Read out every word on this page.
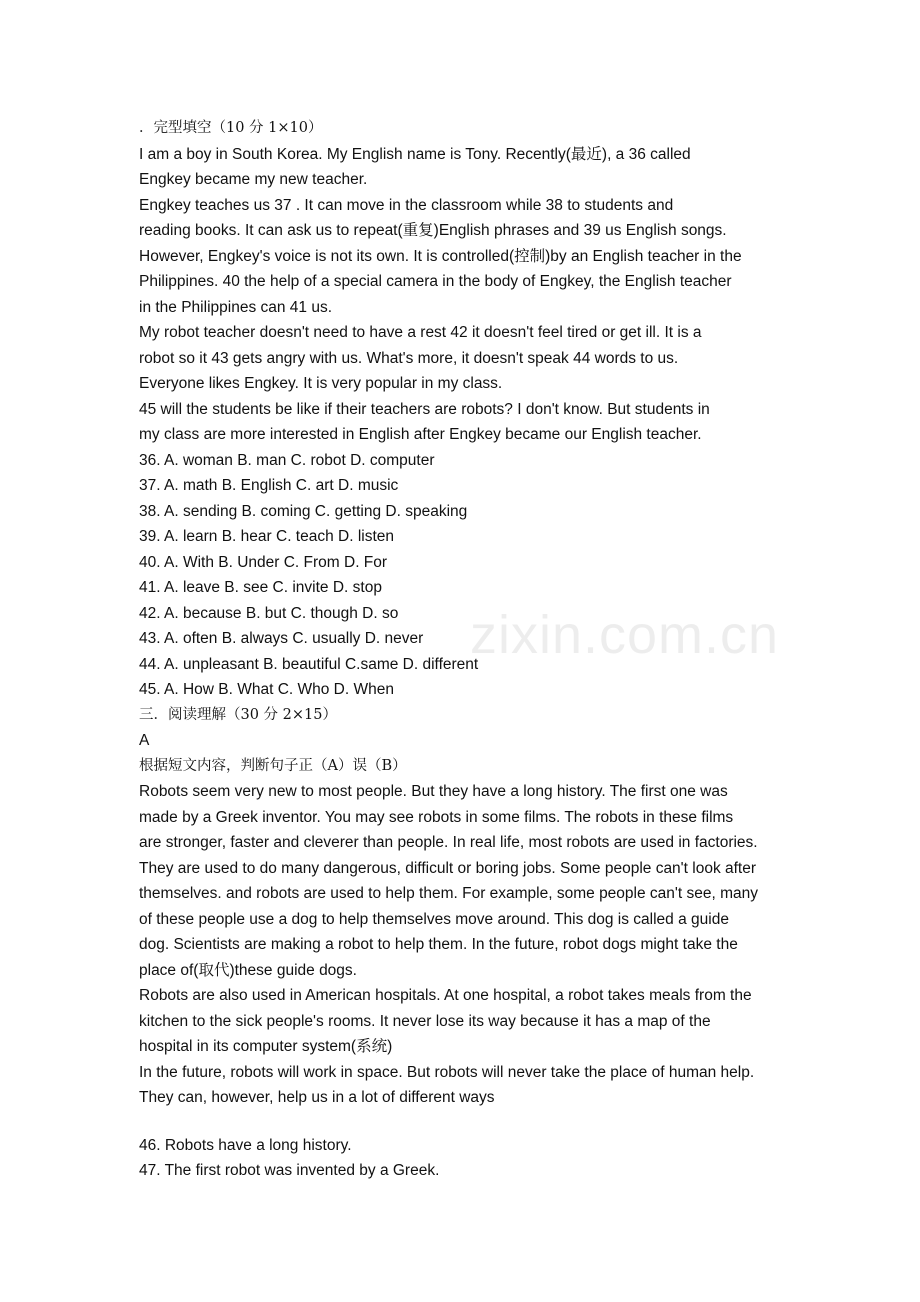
．完型填空（10 分 1×10）
I am a boy in South Korea. My English name is Tony. Recently(最近), a 36 called
Engkey became my new teacher.
Engkey teaches us 37 . It can move in the classroom while 38 to students and
reading books. It can ask us to repeat(重复)English phrases and 39 us English songs.
However, Engkey's voice is not its own. It is controlled(控制)by an English teacher in the
Philippines. 40 the help of a special camera in the body of Engkey, the English teacher
in the Philippines can 41 us.
My robot teacher doesn't need to have a rest 42 it doesn't feel tired or get ill. It is a
robot so it 43 gets angry with us. What's more, it doesn't speak 44 words to us.
Everyone likes Engkey. It is very popular in my class.
45 will the students be like if their teachers are robots? I don't know. But students in
my class are more interested in English after Engkey became our English teacher.
36. A. woman B. man C. robot D. computer
37. A. math B. English C. art D. music
38. A. sending B. coming C. getting D. speaking
39. A. learn B. hear C. teach D. listen
40. A. With B. Under C. From D. For
41. A. leave B. see C. invite D. stop
42. A. because B. but C. though D. so
43. A. often B. always C. usually D. never
44. A. unpleasant B. beautiful C.same D. different
45. A. How B. What C. Who D. When
三．阅读理解（30 分 2×15）
A
根据短文内容，判断句子正（A）误（B）
Robots seem very new to most people. But they have a long history. The first one was
made by a Greek inventor. You may see robots in some films. The robots in these films
are stronger, faster and cleverer than people. In real life, most robots are used in factories.
They are used to do many dangerous, difficult or boring jobs. Some people can't look after
themselves. and robots are used to help them. For example, some people can't see, many
of these people use a dog to help themselves move around. This dog is called a guide
dog. Scientists are making a robot to help them. In the future, robot dogs might take the
place of(取代)these guide dogs.
Robots are also used in American hospitals. At one hospital, a robot takes meals from the
kitchen to the sick people's rooms. It never lose its way because it has a map of the
hospital in its computer system(系统)
In the future, robots will work in space. But robots will never take the place of human help.
They can, however, help us in a lot of different ways
46. Robots have a long history.
47. The first robot was invented by a Greek.
zixin.com.cn
